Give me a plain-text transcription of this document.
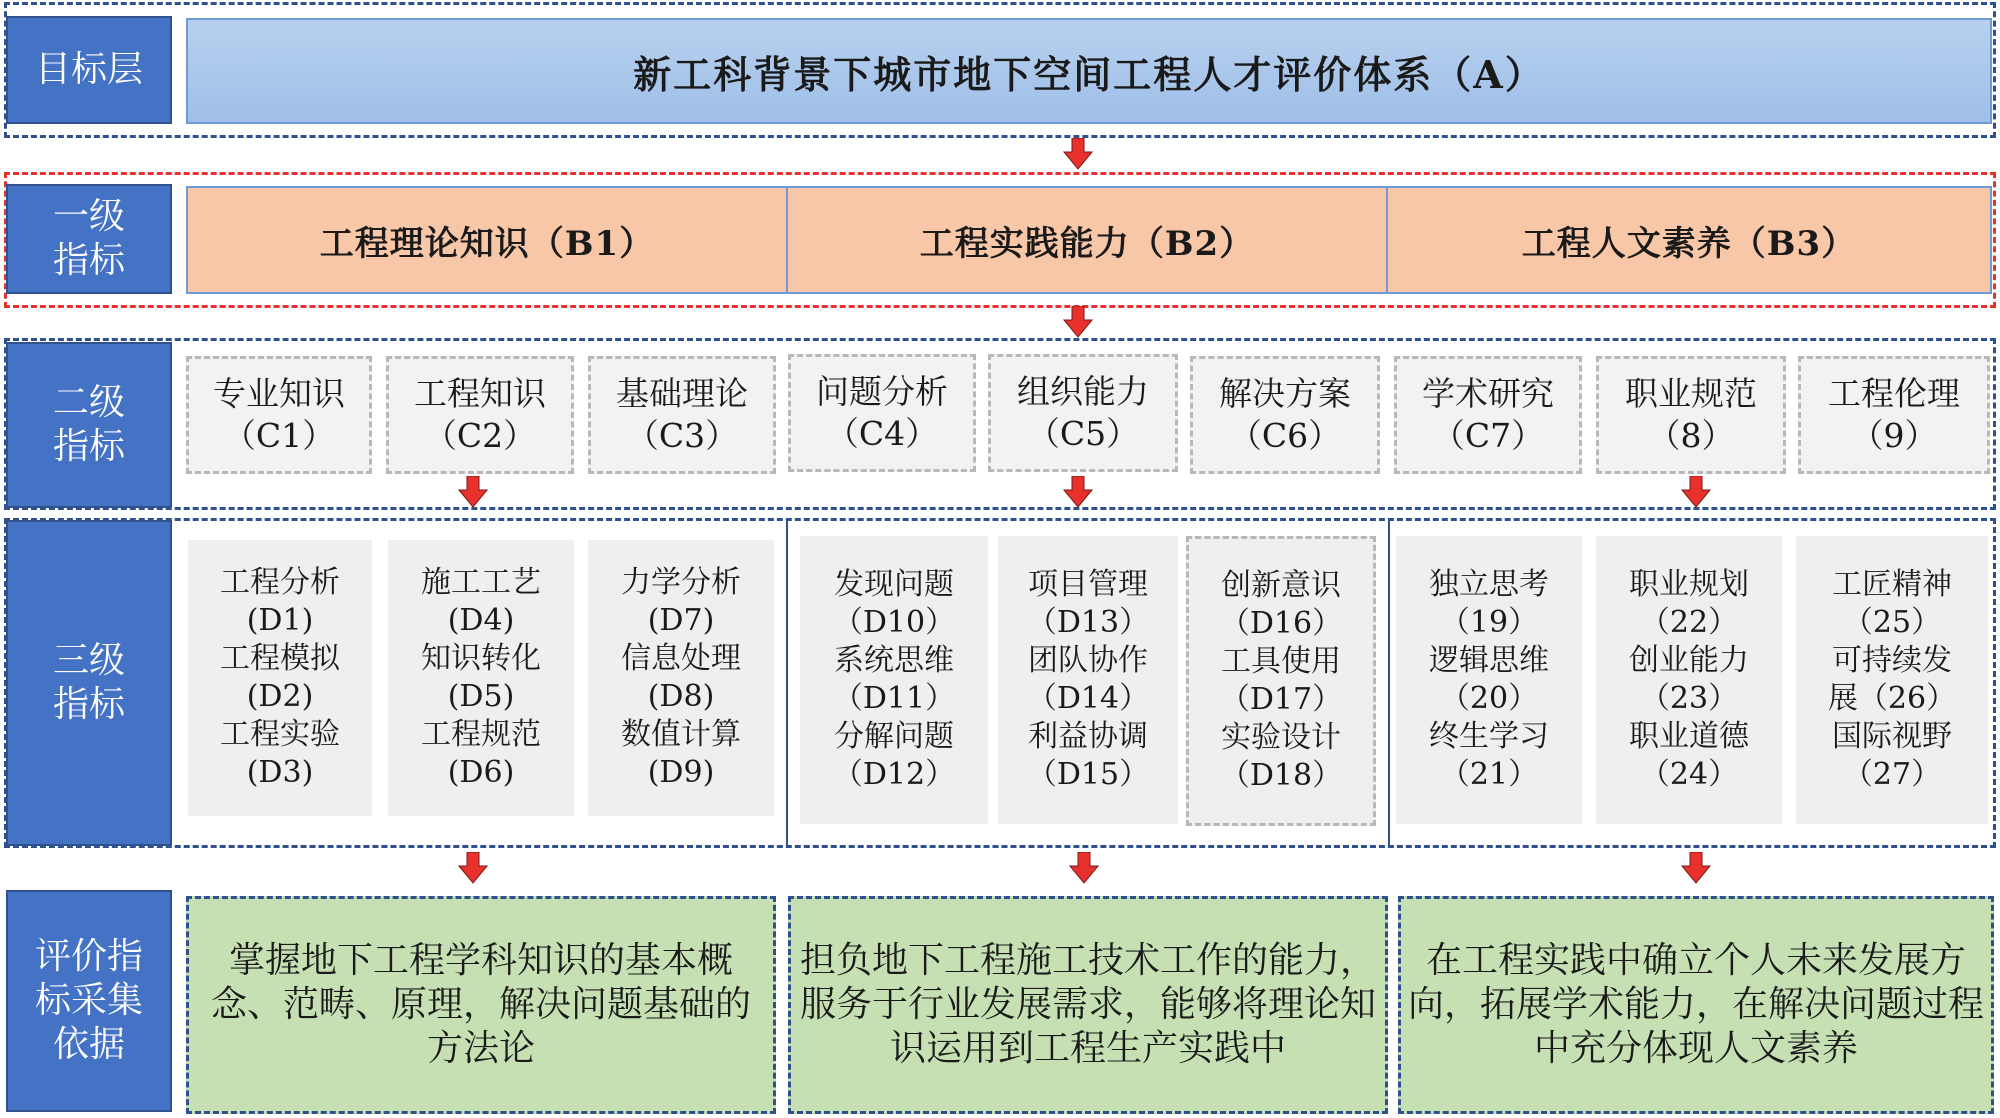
目标层
一级
指标
二级
指标
三级
指标
评价指
标采集
依据
新工科背景下城市地下空间工程人才评价体系（A）
工程理论知识（B1）	工程实践能力（B2）	工程人文素养（B3）
专业知识
（C1）
工程知识
（C2）
基础理论
（C3）
问题分析
（C4）
组织能力
（C5）
解决方案
（C6）
学术研究
（C7）
职业规范
（8）
工程伦理
（9）
工程分析
(D1)
工程模拟
(D2)
工程实验
(D3)
施工工艺
(D4)
知识转化
(D5)
工程规范
(D6)
力学分析
(D7)
信息处理
(D8)
数值计算
(D9)
发现问题
（D10）
系统思维
（D11）
分解问题
（D12）
项目管理
（D13）
团队协作
（D14）
利益协调
（D15）
创新意识
（D16）
工具使用
（D17）
实验设计
（D18）
独立思考
（19）
逻辑思维
（20）
终生学习
（21）
职业规划
（22）
创业能力
（23）
职业道德
（24）
工匠精神
（25）
可持续发
展（26）
国际视野
（27）
掌握地下工程学科知识的基本概念、范畴、原理，解决问题基础的方法论
担负地下工程施工技术工作的能力，服务于行业发展需求，能够将理论知识运用到工程生产实践中
在工程实践中确立个人未来发展方向，拓展学术能力，在解决问题过程中充分体现人文素养
